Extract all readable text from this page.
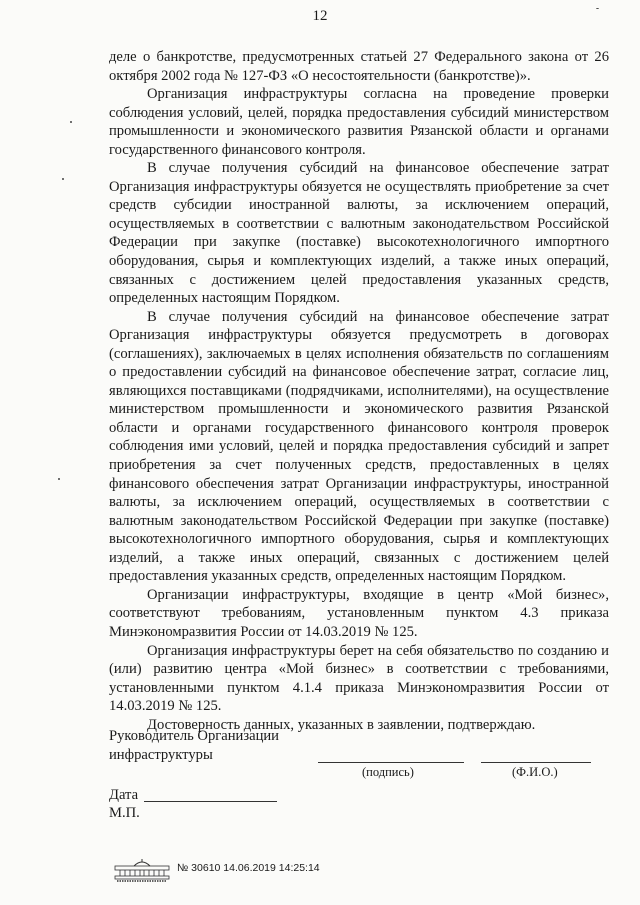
12

деле о банкротстве, предусмотренных статьей 27 Федерального закона от 26 октября 2002 года № 127-ФЗ «О несостоятельности (банкротстве)».

Организация инфраструктуры согласна на проведение проверки соблюдения условий, целей, порядка предоставления субсидий министерством промышленности и экономического развития Рязанской области и органами государственного финансового контроля.

В случае получения субсидий на финансовое обеспечение затрат Организация инфраструктуры обязуется не осуществлять приобретение за счет средств субсидии иностранной валюты, за исключением операций, осуществляемых в соответствии с валютным законодательством Российской Федерации при закупке (поставке) высокотехнологичного импортного оборудования, сырья и комплектующих изделий, а также иных операций, связанных с достижением целей предоставления указанных средств, определенных настоящим Порядком.

В случае получения субсидий на финансовое обеспечение затрат Организация инфраструктуры обязуется предусмотреть в договорах (соглашениях), заключаемых в целях исполнения обязательств по соглашениям о предоставлении субсидий на финансовое обеспечение затрат, согласие лиц, являющихся поставщиками (подрядчиками, исполнителями), на осуществление министерством промышленности и экономического развития Рязанской области и органами государственного финансового контроля проверок соблюдения ими условий, целей и порядка предоставления субсидий и запрет приобретения за счет полученных средств, предоставленных в целях финансового обеспечения затрат Организации инфраструктуры, иностранной валюты, за исключением операций, осуществляемых в соответствии с валютным законодательством Российской Федерации при закупке (поставке) высокотехнологичного импортного оборудования, сырья и комплектующих изделий, а также иных операций, связанных с достижением целей предоставления указанных средств, определенных настоящим Порядком.

Организации инфраструктуры, входящие в центр «Мой бизнес», соответствуют требованиям, установленным пунктом 4.3 приказа Минэкономразвития России от 14.03.2019 № 125.

Организация инфраструктуры берет на себя обязательство по созданию и (или) развитию центра «Мой бизнес» в соответствии с требованиями, установленными пунктом 4.1.4 приказа Минэкономразвития России от 14.03.2019 № 125.

Достоверность данных, указанных в заявлении, подтверждаю.

Руководитель Организации
инфраструктуры
(подпись)	(Ф.И.О.)
Дата
М.П.
№ 30610 14.06.2019 14:25:14
